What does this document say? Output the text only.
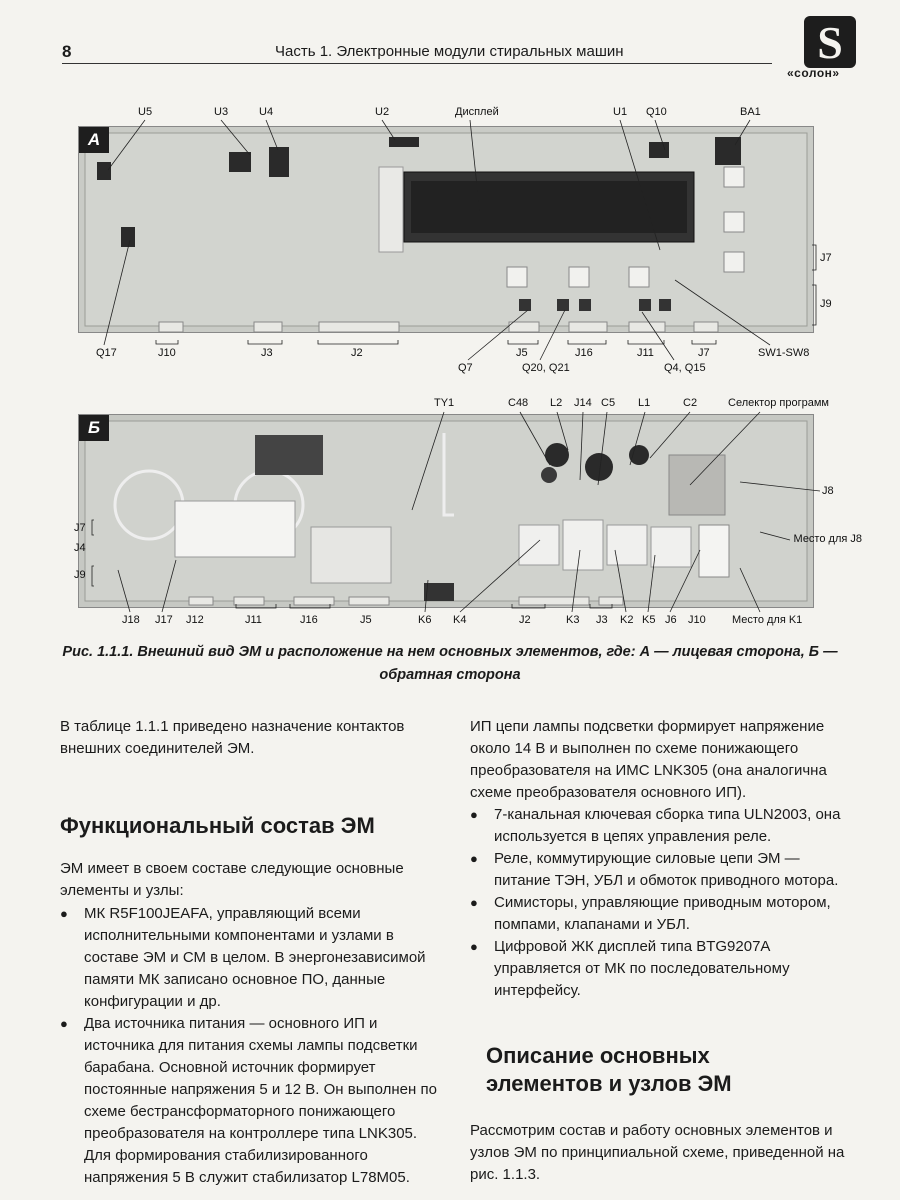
8	Часть 1. Электронные модули стиральных машин	S
«солон»
А
U5	U3	U4	U2	Дисплей	U1 Q10	BA1
J7
J9
Q17	J10	J3	J2
Q7
J5
Q20, Q21
J16	J11	J7
Q4, Q15
SW1-SW8
Б
TY1	C48 L2 J14 C5 L1	C2	Селектор программ
J7
J4
J9
J8
Место для J8
J18 J17 J12	J11	J16	J5	K6 K4	J2	K3 J3 K2 K5 J6 J10 Место для K1
Рис. 1.1.1. Внешний вид ЭМ и расположение на нем основных элементов, где: А — лицевая сторона, Б — обратная сторона
В таблице 1.1.1 приведено назначение контактов внешних соединителей ЭМ.
Функциональный состав ЭМ
ЭМ имеет в своем составе следующие основные элементы и узлы:
● МК R5F100JEAFA, управляющий всеми исполнительными компонентами и узлами в составе ЭМ и СМ в целом. В энергонезависимой памяти МК записано основное ПО, данные конфигурации и др.
● Два источника питания — основного ИП и источника для питания схемы лампы подсветки барабана. Основной источник формирует постоянные напряжения 5 и 12 В. Он выполнен по схеме бестрансформаторного понижающего преобразователя на контроллере типа LNK305. Для формирования стабилизированного напряжения 5 В служит стабилизатор L78M05.
ИП цепи лампы подсветки формирует напряжение около 14 В и выполнен по схеме понижающего преобразователя на ИМС LNK305 (она аналогична схеме преобразователя основного ИП).
● 7-канальная ключевая сборка типа ULN2003, она используется в цепях управления реле.
● Реле, коммутирующие силовые цепи ЭМ — питание ТЭН, УБЛ и обмоток приводного мотора.
● Симисторы, управляющие приводным мотором, помпами, клапанами и УБЛ.
● Цифровой ЖК дисплей типа BTG9207A управляется от МК по последовательному интерфейсу.
Описание основных элементов и узлов ЭМ
Рассмотрим состав и работу основных элементов и узлов ЭМ по принципиальной схеме, приведенной на рис. 1.1.3.
